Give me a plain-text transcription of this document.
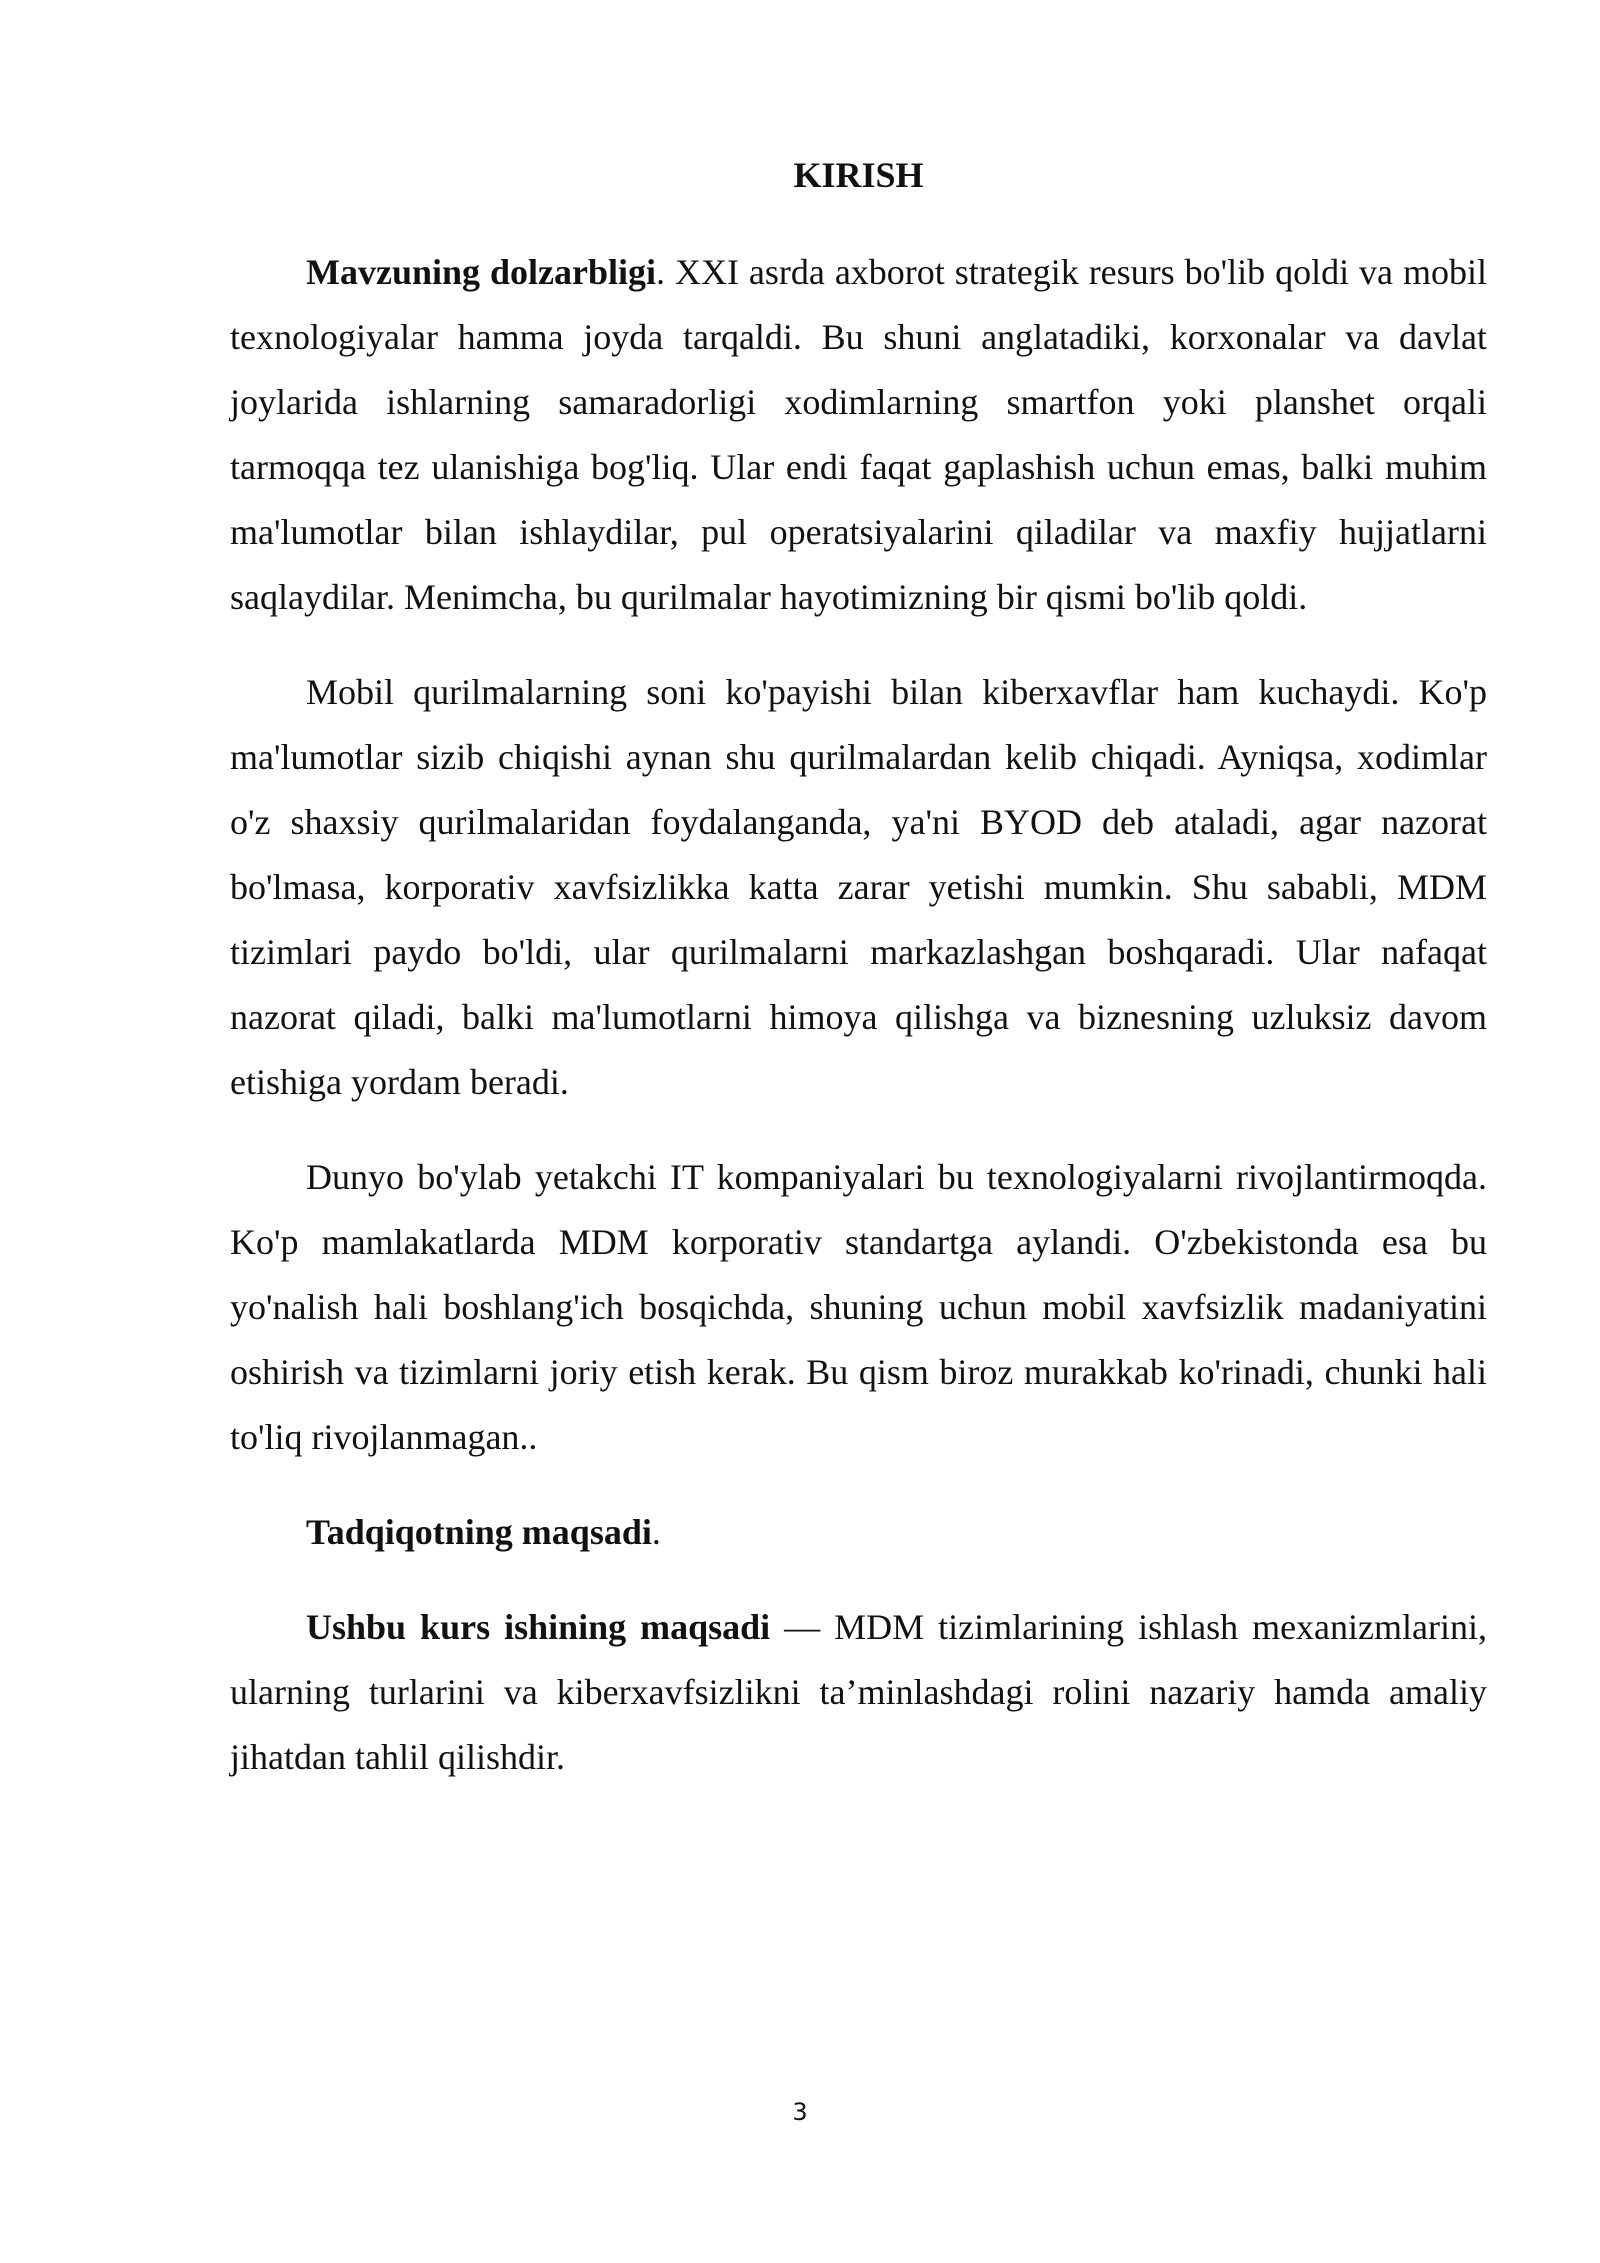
KIRISH

Mavzuning dolzarbligi. XXI asrda axborot strategik resurs bo'lib qoldi va mobil texnologiyalar hamma joyda tarqaldi. Bu shuni anglatadiki, korxonalar va davlat joylarida ishlarning samaradorligi xodimlarning smartfon yoki planshet orqali tarmoqqa tez ulanishiga bog'liq. Ular endi faqat gaplashish uchun emas, balki muhim ma'lumotlar bilan ishlaydilar, pul operatsiyalarini qiladilar va maxfiy hujjatlarni saqlaydilar. Menimcha, bu qurilmalar hayotimizning bir qismi bo'lib qoldi.

Mobil qurilmalarning soni ko'payishi bilan kiberxavflar ham kuchaydi. Ko'p ma'lumotlar sizib chiqishi aynan shu qurilmalardan kelib chiqadi. Ayniqsa, xodimlar o'z shaxsiy qurilmalaridan foydalanganda, ya'ni BYOD deb ataladi, agar nazorat bo'lmasa, korporativ xavfsizlikka katta zarar yetishi mumkin. Shu sababli, MDM tizimlari paydo bo'ldi, ular qurilmalarni markazlashgan boshqaradi. Ular nafaqat nazorat qiladi, balki ma'lumotlarni himoya qilishga va biznesning uzluksiz davom etishiga yordam beradi.

Dunyo bo'ylab yetakchi IT kompaniyalari bu texnologiyalarni rivojlantirmoqda. Ko'p mamlakatlarda MDM korporativ standartga aylandi. O'zbekistonda esa bu yo'nalish hali boshlang'ich bosqichda, shuning uchun mobil xavfsizlik madaniyatini oshirish va tizimlarni joriy etish kerak. Bu qism biroz murakkab ko'rinadi, chunki hali to'liq rivojlanmagan..

Tadqiqotning maqsadi.

Ushbu kurs ishining maqsadi — MDM tizimlarining ishlash mexanizmlarini, ularning turlarini va kiberxavfsizlikni ta’minlashdagi rolini nazariy hamda amaliy jihatdan tahlil qilishdir.

3
